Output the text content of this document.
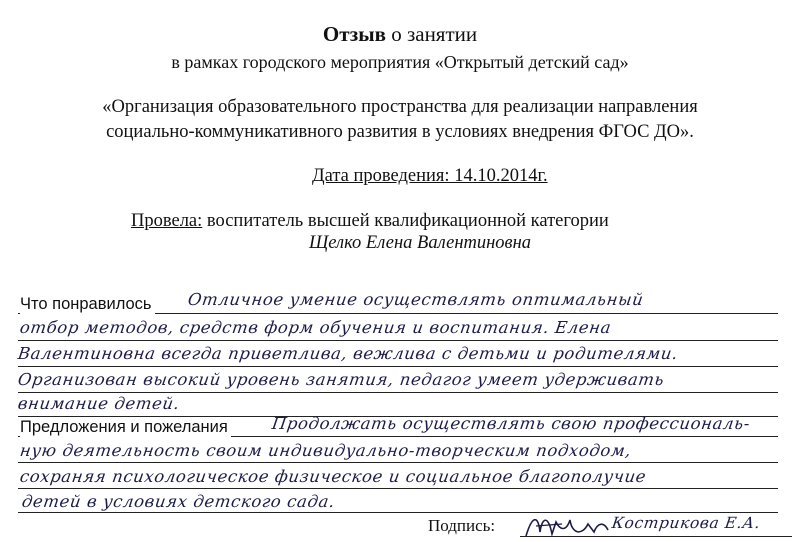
Отзыв о занятии
в рамках городского мероприятия «Открытый детский сад»
«Организация образовательного пространства для реализации направления
социально-коммуникативного развития в условиях внедрения ФГОС ДО».
Дата проведения: 14.10.2014г.
Провела: воспитатель высшей квалификационной категории
Щелко Елена Валентиновна
Что понравилось Отличное умение осуществлять оптимальный
отбор методов, средств форм обучения и воспитания. Елена
Валентиновна всегда приветлива, вежлива с детьми и родителями.
Организован высокий уровень занятия, педагог умеет удерживать
внимание детей.
Предложения и пожелания	Продолжать осуществлять свою профессиональ-
ную деятельность своим индивидуально-творческим подходом,
сохраняя психологическое физическое и социальное благополучие
детей в условиях детского сада.
Подпись:	Кострикова Е.А.
